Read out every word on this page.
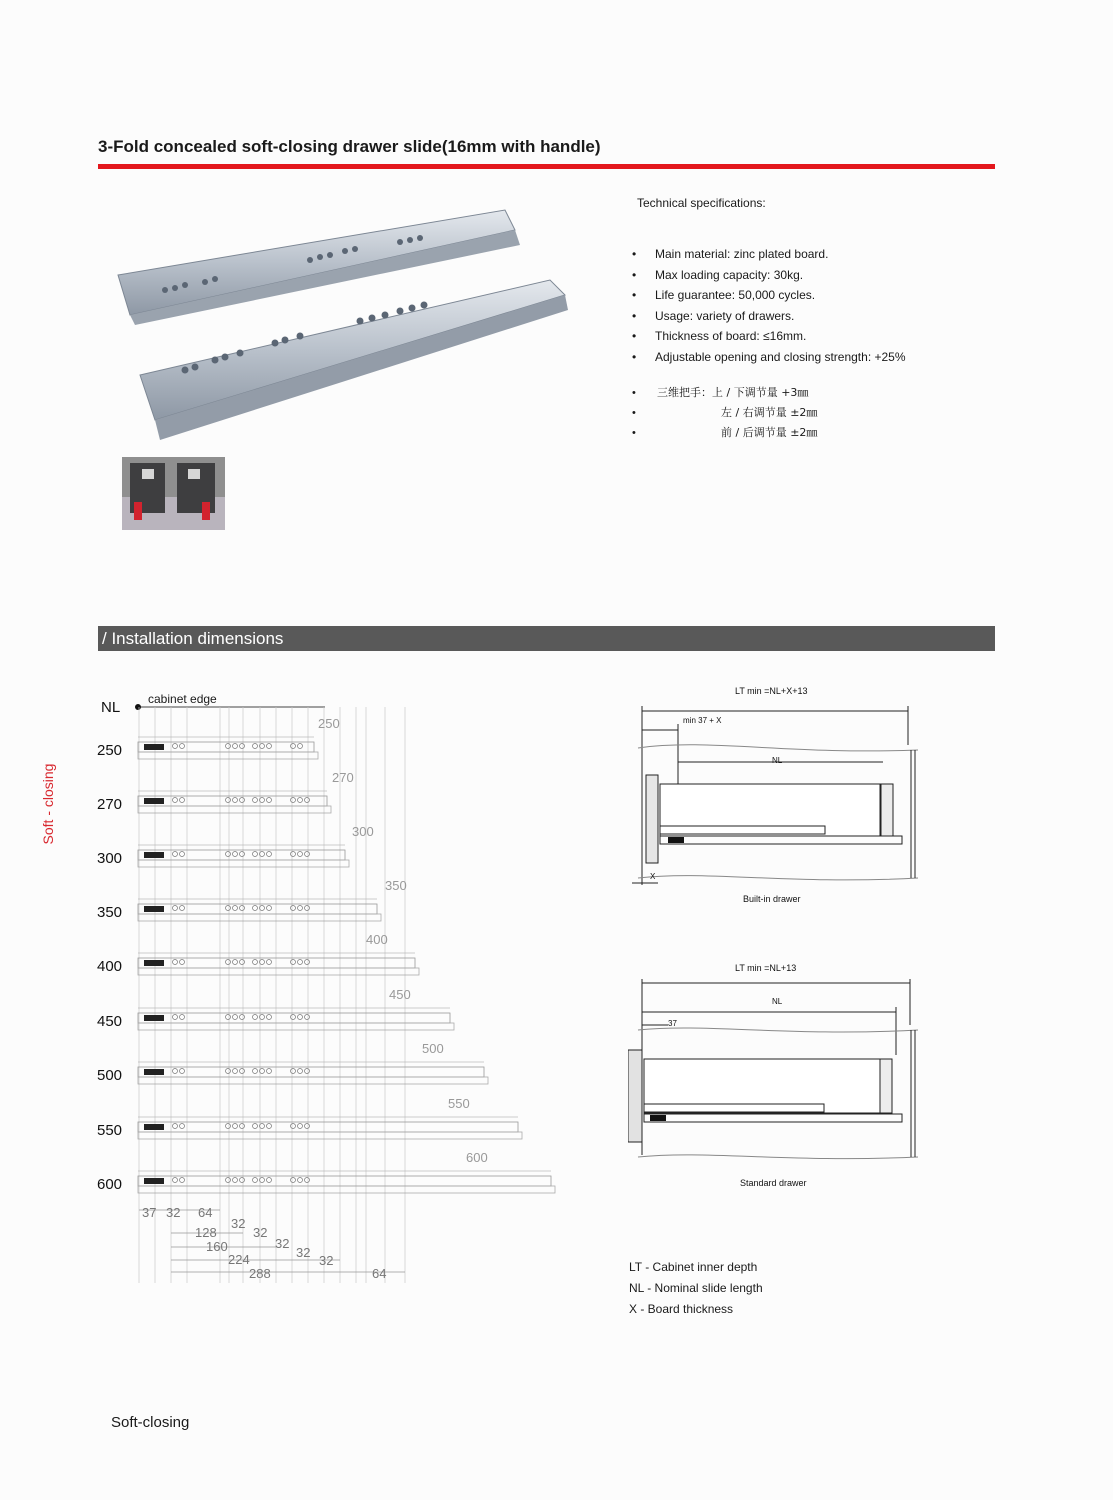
3-Fold concealed soft-closing drawer slide(16mm with handle)
Technical specifications:
• Main material: zinc plated board.
• Max loading capacity: 30kg.
• Life guarantee: 50,000 cycles.
• Usage: variety of drawers.
• Thickness of board: ≤16mm.
• Adjustable opening and closing strength: +25%
• 三维把手：上 / 下调节量 +3㎜
•	左 / 右调节量 ±2㎜
•	前 / 后调节量 ±2㎜
/ Installation dimensions
Soft - closing
NL cabinet edge
LT min =NL+X+13
min 37 + X
NL
X
Built-in drawer
LT min =NL+13
NL
37
Standard drawer
LT - Cabinet inner depth
NL - Nominal slide length
X - Board thickness
Soft-closing
250
250
270
270
300
300
350
350
400
400
450
450
500
500
550
550
600
600
37 32 64
32
128	32
160	32
224	32
288
32
64
